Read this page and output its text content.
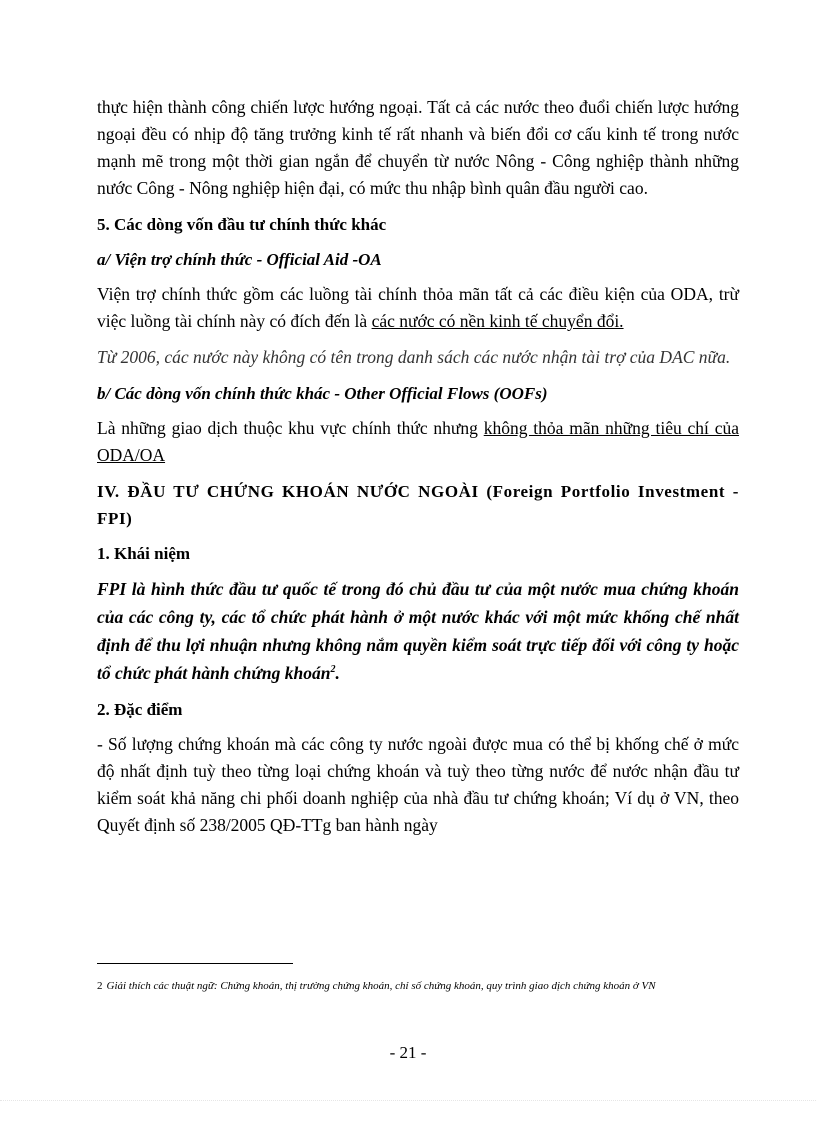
thực hiện thành công chiến lược hướng ngoại. Tất cả các nước theo đuổi chiến lược hướng ngoại đều có nhịp độ tăng trưởng kinh tế rất nhanh và biến đổi cơ cấu kinh tế trong nước mạnh mẽ trong một thời gian ngắn để chuyển từ nước Nông - Công nghiệp thành những nước Công - Nông nghiệp hiện đại, có mức thu nhập bình quân đầu người cao.

5. Các dòng vốn đầu tư chính thức khác

a/ Viện trợ chính thức - Official Aid -OA

Viện trợ chính thức gồm các luồng tài chính thỏa mãn tất cả các điều kiện của ODA, trừ việc luồng tài chính này có đích đến là các nước có nền kinh tế chuyển đổi.

Từ 2006, các nước này không có tên trong danh sách các nước nhận tài trợ của DAC nữa.

b/ Các dòng vốn chính thức khác - Other Official Flows (OOFs)

Là những giao dịch thuộc khu vực chính thức nhưng không thỏa mãn những tiêu chí của ODA/OA

IV. ĐẦU TƯ CHỨNG KHOÁN NƯỚC NGOÀI (Foreign Portfolio Investment - FPI)

1. Khái niệm

FPI là hình thức đầu tư quốc tế trong đó chủ đầu tư của một nước mua chứng khoán của các công ty, các tổ chức phát hành ở một nước khác với một mức khống chế nhất định để thu lợi nhuận nhưng không nắm quyền kiểm soát trực tiếp đối với công ty hoặc tổ chức phát hành chứng khoán$^2$.

2. Đặc điểm

- Số lượng chứng khoán mà các công ty nước ngoài được mua có thể bị khống chế ở mức độ nhất định tuỳ theo từng loại chứng khoán và tuỳ theo từng nước để nước nhận đầu tư kiểm soát khả năng chi phối doanh nghiệp của nhà đầu tư chứng khoán; Ví dụ ở VN, theo Quyết định số 238/2005 QĐ-TTg ban hành ngày

2 Giải thích các thuật ngữ: Chứng khoán, thị trường chứng khoán, chỉ số chứng khoán, quy trình giao dịch chứng khoán ở VN
- 21 -
